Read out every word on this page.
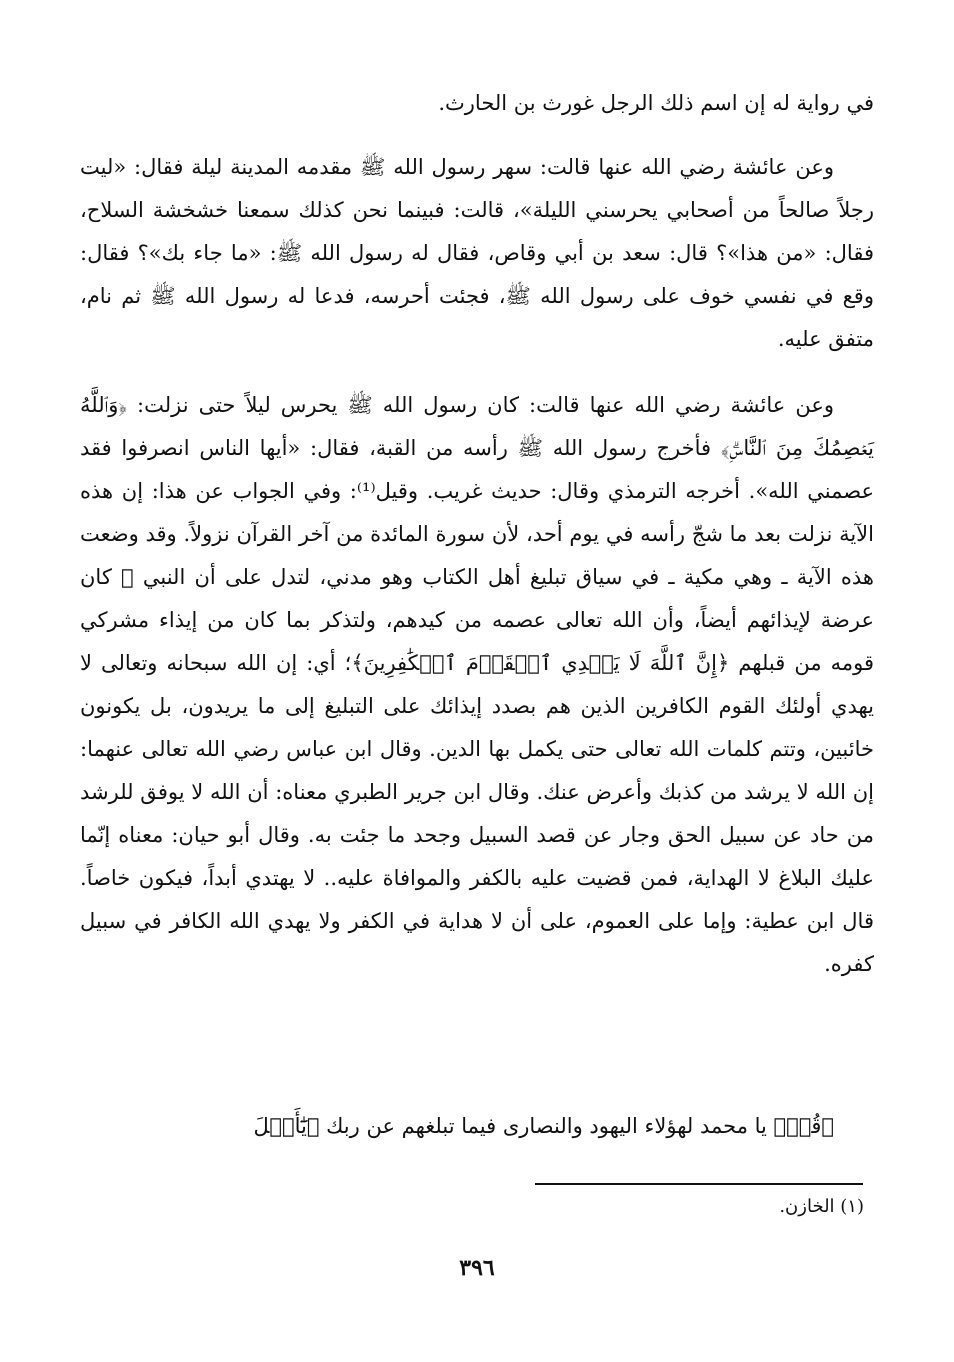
في رواية له إن اسم ذلك الرجل غورث بن الحارث.

وعن عائشة رضي الله عنها قالت: سهر رسول الله ﷺ مقدمه المدينة ليلة فقال: «ليت رجلاً صالحاً من أصحابي يحرسني الليلة»، قالت: فبينما نحن كذلك سمعنا خشخشة السلاح، فقال: «من هذا»؟ قال: سعد بن أبي وقاص، فقال له رسول الله ﷺ: «ما جاء بك»؟ فقال: وقع في نفسي خوف على رسول الله ﷺ، فجئت أحرسه، فدعا له رسول الله ﷺ ثم نام، متفق عليه.

وعن عائشة رضي الله عنها قالت: كان رسول الله ﷺ يحرس ليلاً حتى نزلت: ﴿وَٱللَّهُ يَعۡصِمُكَ مِنَ ٱلنَّاسِۗ﴾ فأخرج رسول الله ﷺ رأسه من القبة، فقال: «أيها الناس انصرفوا فقد عصمني الله». أخرجه الترمذي وقال: حديث غريب. وقيل⁽¹⁾: وفي الجواب عن هذا: إن هذه الآية نزلت بعد ما شجّ رأسه في يوم أحد، لأن سورة المائدة من آخر القرآن نزولاً. وقد وضعت هذه الآية ـ وهي مكية ـ في سياق تبليغ أهل الكتاب وهو مدني، لتدل على أن النبي ﷺ كان عرضة لإيذائهم أيضاً، وأن الله تعالى عصمه من كيدهم، ولتذكر بما كان من إيذاء مشركي قومه من قبلهم ﴿إِنَّ ٱللَّهَ لَا يَهۡدِي ٱلۡقَوۡمَ ٱلۡكَٰفِرِينَ﴾؛ أي: إن الله سبحانه وتعالى لا يهدي أولئك القوم الكافرين الذين هم بصدد إيذائك على التبليغ إلى ما يريدون، بل يكونون خائبين، وتتم كلمات الله تعالى حتى يكمل بها الدين. وقال ابن عباس رضي الله تعالى عنهما: إن الله لا يرشد من كذبك وأعرض عنك. وقال ابن جرير الطبري معناه: أن الله لا يوفق للرشد من حاد عن سبيل الحق وجار عن قصد السبيل وجحد ما جئت به. وقال أبو حيان: معناه إنّما عليك البلاغ لا الهداية، فمن قضيت عليه بالكفر والموافاة عليه.. لا يهتدي أبداً، فيكون خاصاً. قال ابن عطية: وإما على العموم، على أن لا هداية في الكفر ولا يهدي الله الكافر في سبيل كفره.

﴿قُلۡ﴾ يا محمد لهؤلاء اليهود والنصارى فيما تبلغهم عن ربك ﴿يَٰٓأَهۡلَ

(١) الخازن.
٣٩٦
